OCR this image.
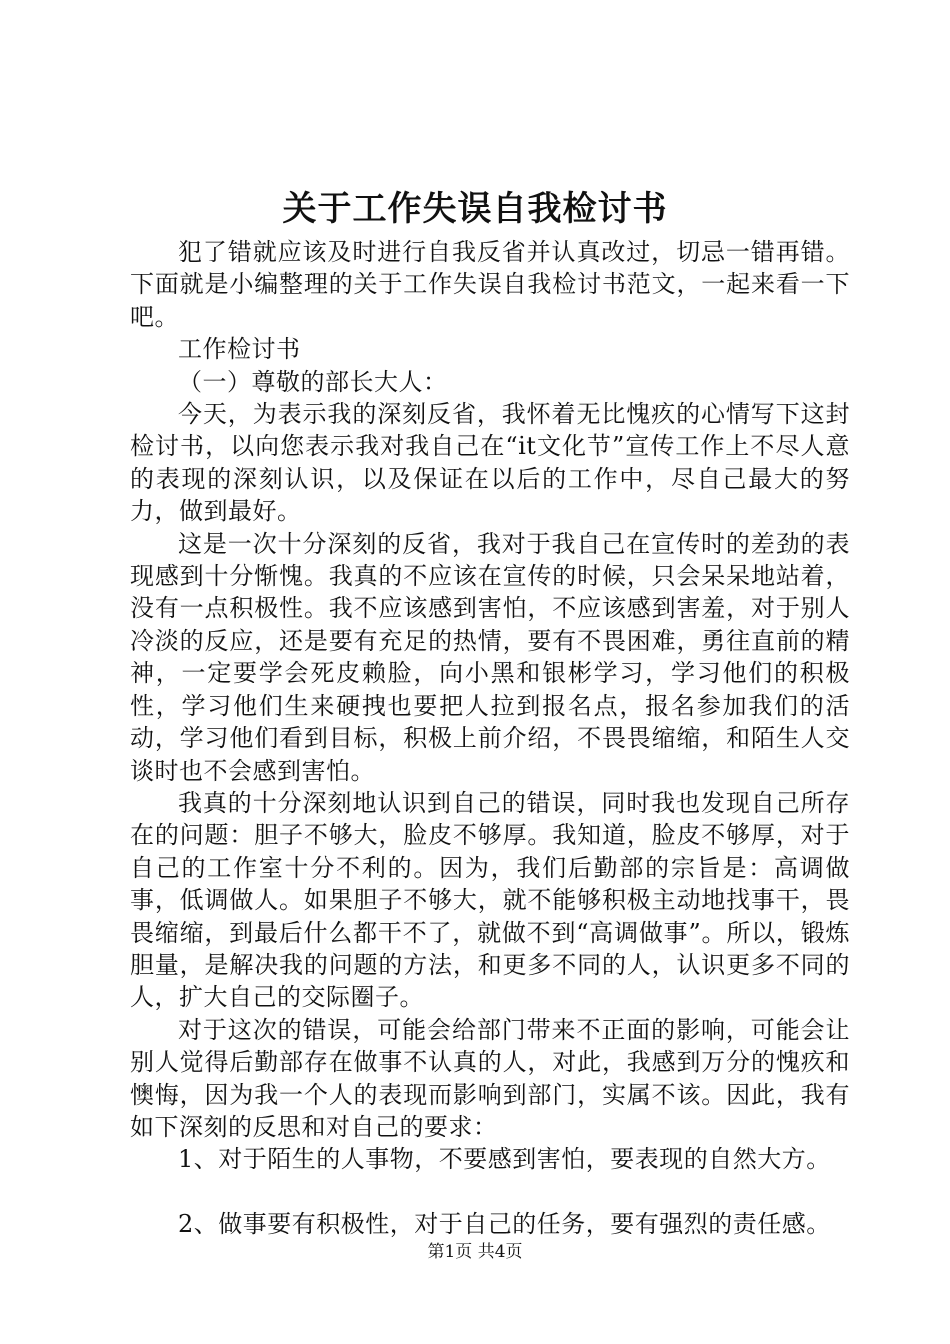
关于工作失误自我检讨书

犯了错就应该及时进行自我反省并认真改过，切忌一错再错。下面就是小编整理的关于工作失误自我检讨书范文，一起来看一下吧。

工作检讨书

（一）尊敬的部长大人：

今天，为表示我的深刻反省，我怀着无比愧疚的心情写下这封检讨书，以向您表示我对我自己在“it文化节”宣传工作上不尽人意的表现的深刻认识，以及保证在以后的工作中，尽自己最大的努力，做到最好。

这是一次十分深刻的反省，我对于我自己在宣传时的差劲的表现感到十分惭愧。我真的不应该在宣传的时候，只会呆呆地站着，没有一点积极性。我不应该感到害怕，不应该感到害羞，对于别人冷淡的反应，还是要有充足的热情，要有不畏困难，勇往直前的精神，一定要学会死皮赖脸，向小黑和银彬学习，学习他们的积极性，学习他们生来硬拽也要把人拉到报名点，报名参加我们的活动，学习他们看到目标，积极上前介绍，不畏畏缩缩，和陌生人交谈时也不会感到害怕。

我真的十分深刻地认识到自己的错误，同时我也发现自己所存在的问题：胆子不够大，脸皮不够厚。我知道，脸皮不够厚，对于自己的工作室十分不利的。因为，我们后勤部的宗旨是：高调做事，低调做人。如果胆子不够大，就不能够积极主动地找事干，畏畏缩缩，到最后什么都干不了，就做不到“高调做事”。所以，锻炼胆量，是解决我的问题的方法，和更多不同的人，认识更多不同的人，扩大自己的交际圈子。

对于这次的错误，可能会给部门带来不正面的影响，可能会让别人觉得后勤部存在做事不认真的人，对此，我感到万分的愧疚和懊悔，因为我一个人的表现而影响到部门，实属不该。因此，我有如下深刻的反思和对自己的要求：

1、对于陌生的人事物，不要感到害怕，要表现的自然大方。

2、做事要有积极性，对于自己的任务，要有强烈的责任感。

第1页 共4页
